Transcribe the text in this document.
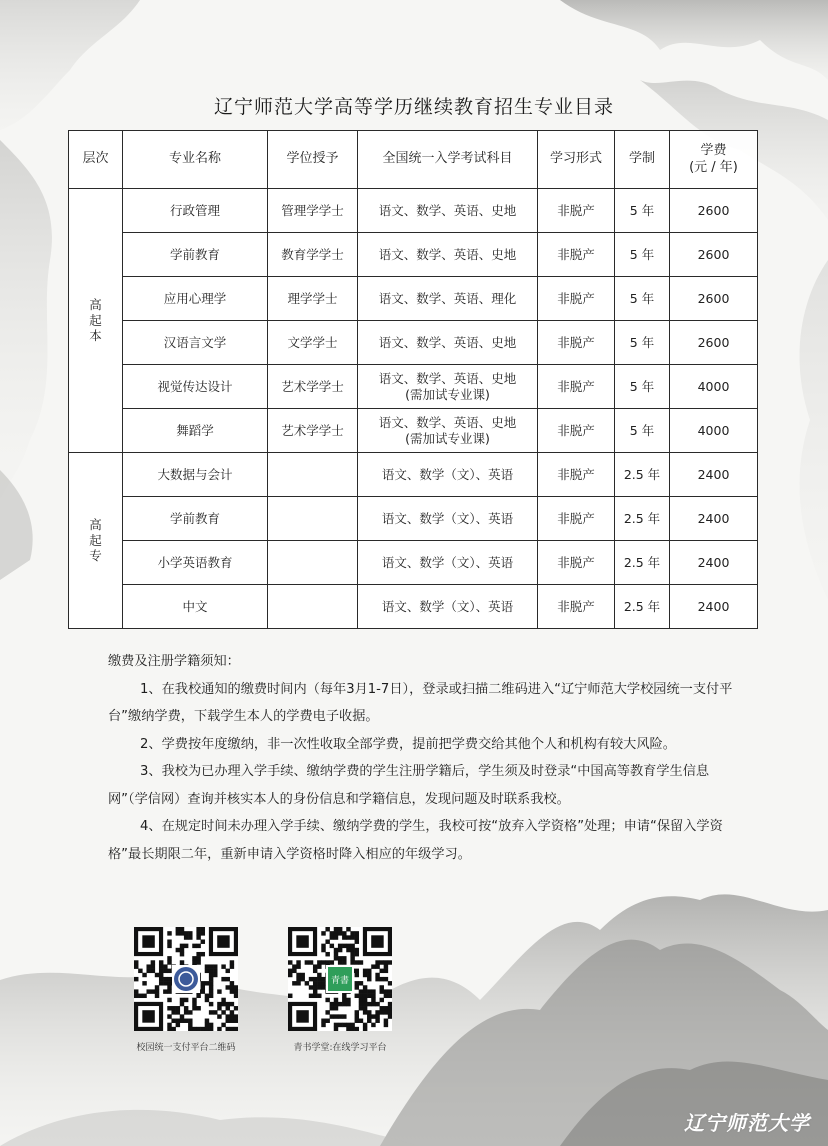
辽宁师范大学高等学历继续教育招生专业目录
层次	专业名称	学位授予	全国统一入学考试科目	学习形式	学制	学费
(元 / 年)

高
起
本	行政管理	管理学学士	语文、数学、英语、史地	非脱产	5 年	2600
	学前教育	教育学学士	语文、数学、英语、史地	非脱产	5 年	2600
	应用心理学	理学学士	语文、数学、英语、理化	非脱产	5 年	2600
	汉语言文学	文学学士	语文、数学、英语、史地	非脱产	5 年	2600
	视觉传达设计	艺术学学士	语文、数学、英语、史地
(需加试专业课)	非脱产	5 年	4000
	舞蹈学	艺术学学士	语文、数学、英语、史地
(需加试专业课)	非脱产	5 年	4000

高
起
专	大数据与会计		语文、数学（文）、英语	非脱产	2.5 年	2400
	学前教育		语文、数学（文）、英语	非脱产	2.5 年	2400
	小学英语教育		语文、数学（文）、英语	非脱产	2.5 年	2400
	中文		语文、数学（文）、英语	非脱产	2.5 年	2400

缴费及注册学籍须知：

1、在我校通知的缴费时间内（每年3月1-7日），登录或扫描二维码进入“辽宁师范大学校园统一支付平台”缴纳学费，下载学生本人的学费电子收据。

2、学费按年度缴纳，非一次性收取全部学费，提前把学费交给其他个人和机构有较大风险。

3、我校为已办理入学手续、缴纳学费的学生注册学籍后，学生须及时登录“中国高等教育学生信息网”（学信网）查询并核实本人的身份信息和学籍信息，发现问题及时联系我校。

4、在规定时间未办理入学手续、缴纳学费的学生，我校可按“放弃入学资格”处理；申请“保留入学资格”最长期限二年，重新申请入学资格时降入相应的年级学习。

校园统一支付平台二维码
青書
青书学堂:在线学习平台
辽宁师范大学
